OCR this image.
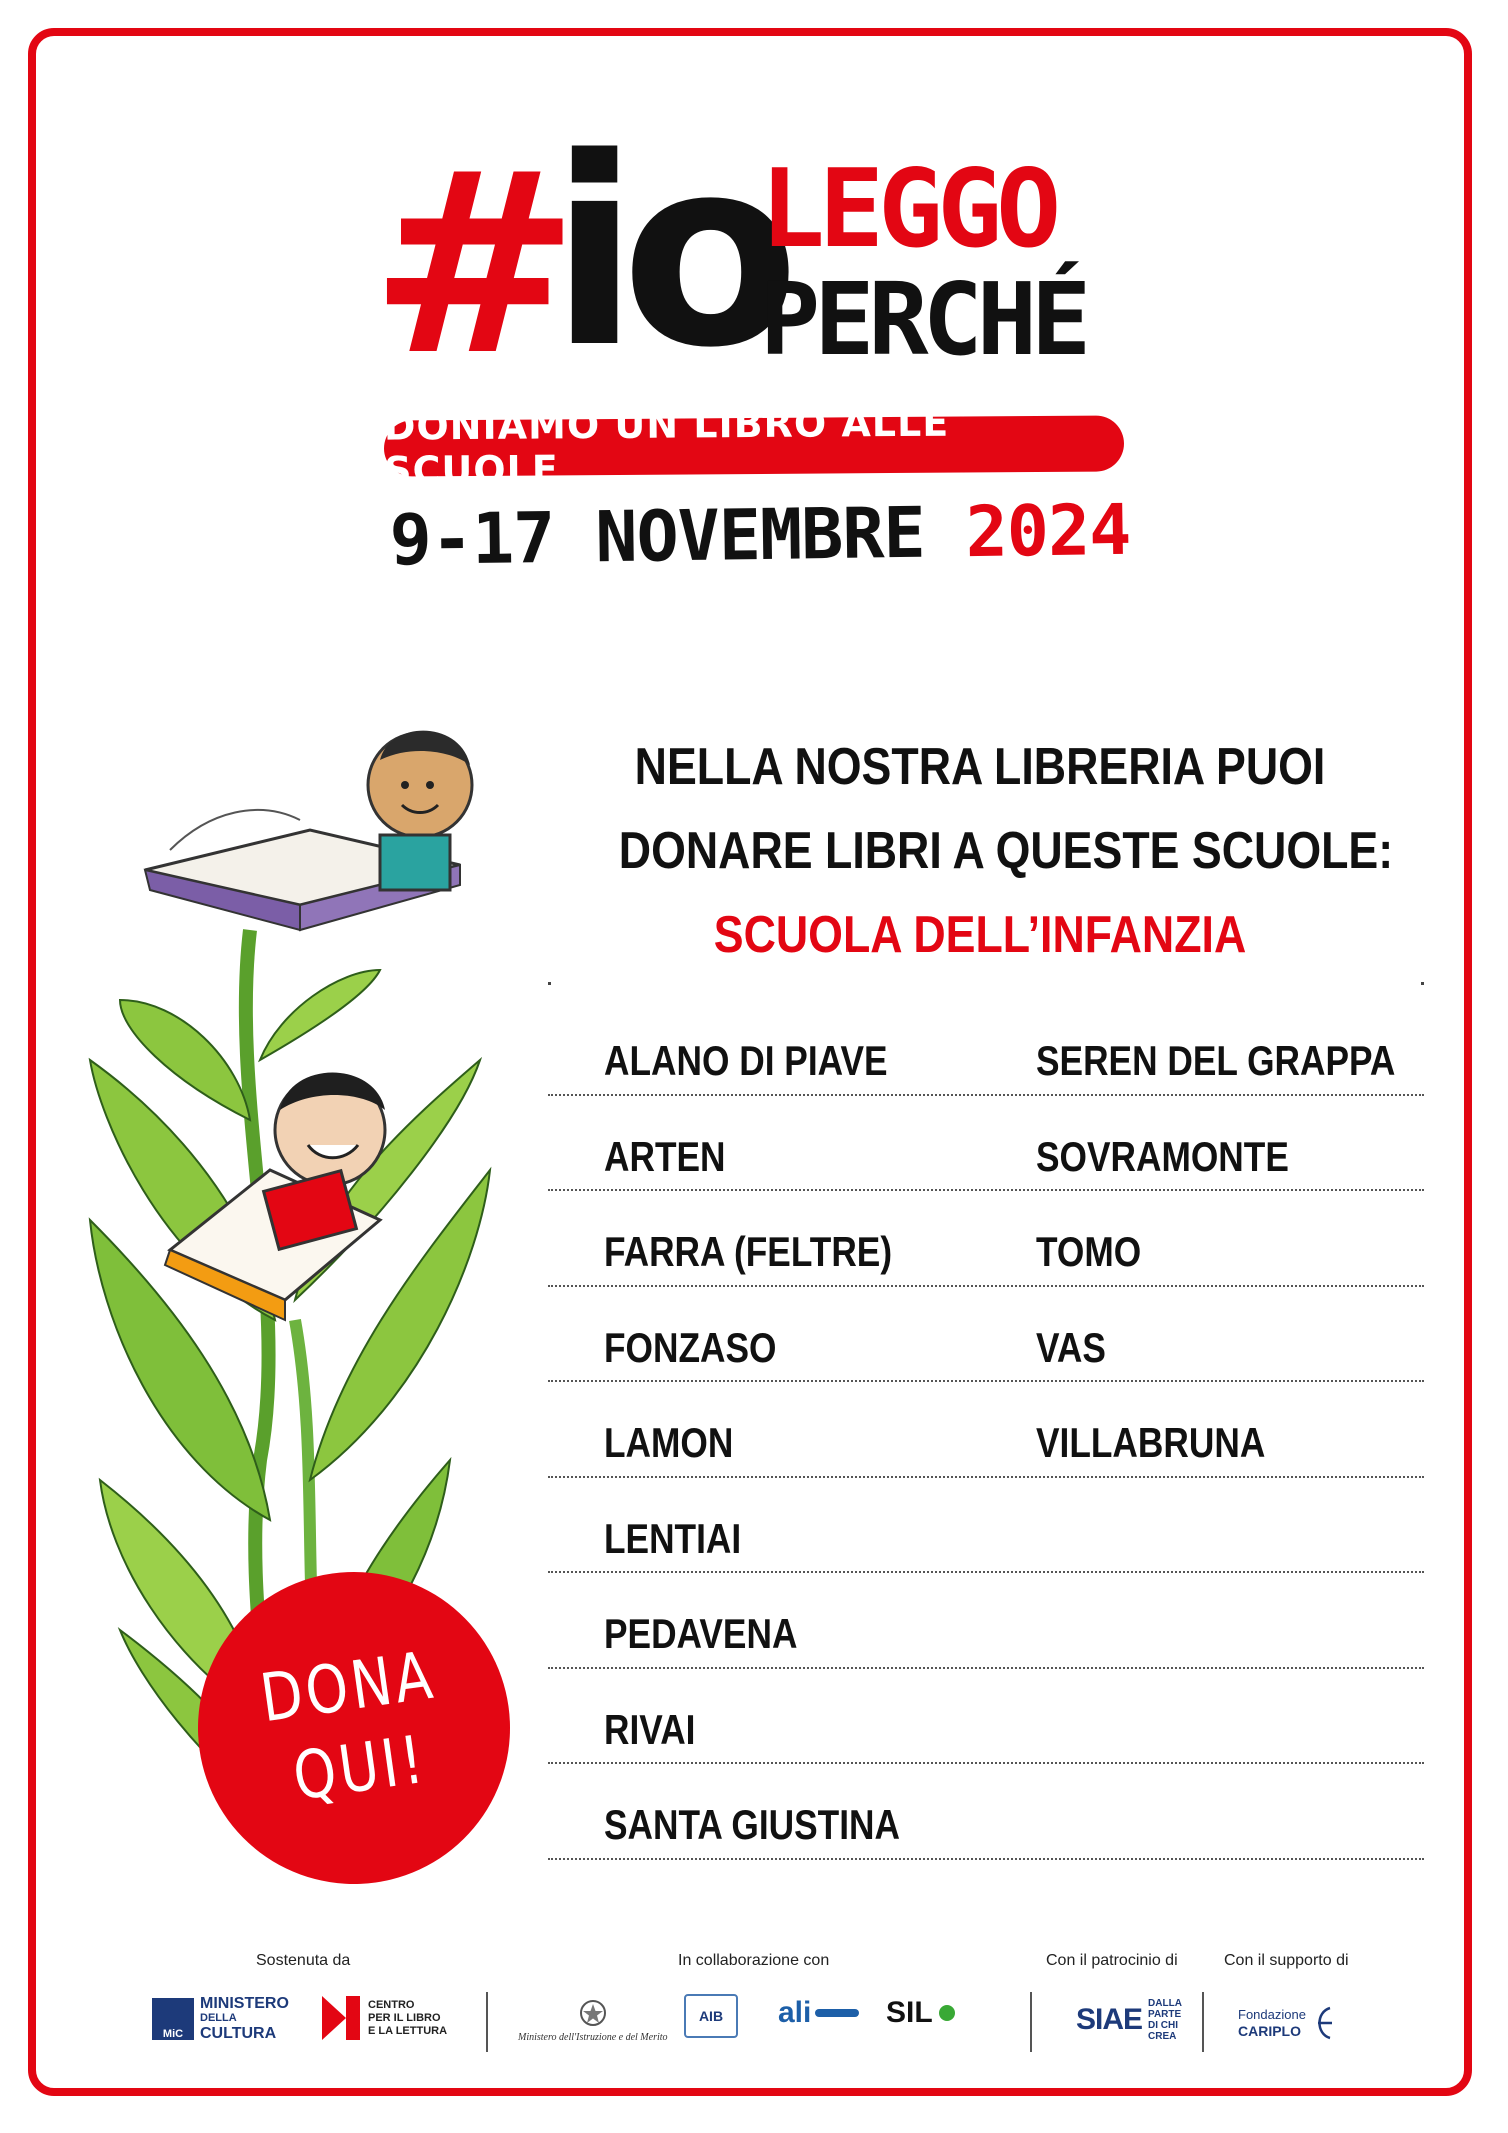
#
io
LEGGO
PERCHÉ
DONIAMO UN LIBRO ALLE SCUOLE
9-17 NOVEMBRE 2024
DONA
QUI!
NELLA NOSTRA LIBRERIA PUOI
DONARE LIBRI A QUESTE SCUOLE:
SCUOLA DELL’INFANZIA
ALANO DI PIAVE	SEREN DEL GRAPPA
ARTEN	SOVRAMONTE
FARRA (FELTRE)	TOMO
FONZASO	VAS
LAMON	VILLABRUNA
LENTIAI
PEDAVENA
RIVAI
SANTA GIUSTINA
Sostenuta da	In collaborazione con	Con il patrocinio di	Con il supporto di
MiC
MINISTERO
DELLA
CULTURA
CENTRO
PER IL LIBRO
E LA LETTURA
Ministero dell'Istruzione e del Merito
AIB ali SIL	SIAE DALLA
PARTE
DI CHI
CREA
Fondazione
CARIPLO
